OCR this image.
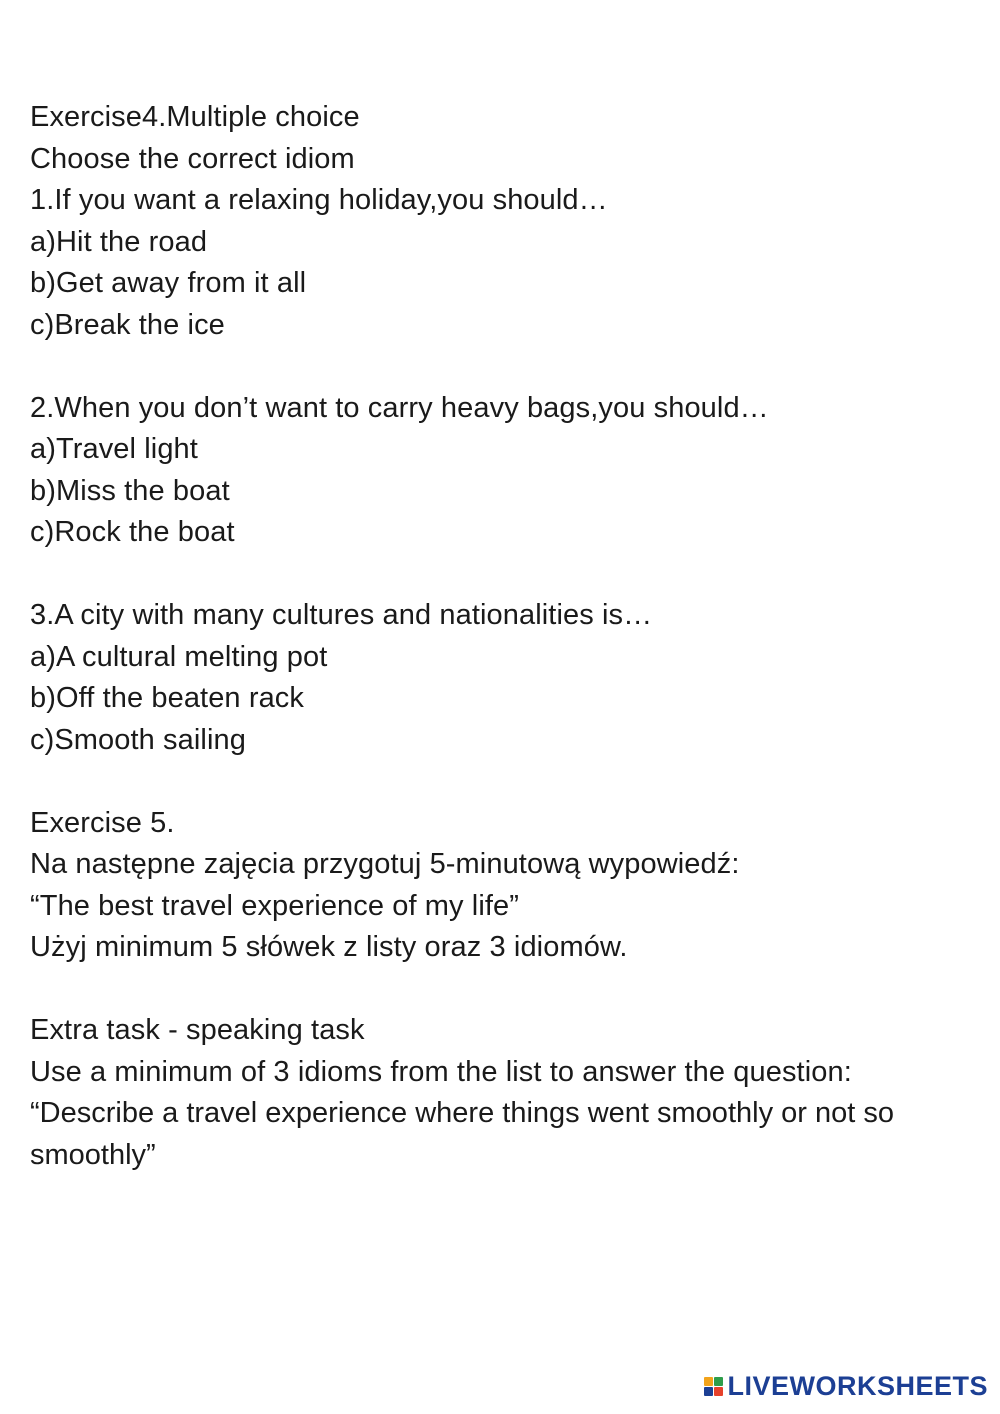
Exercise4.Multiple choice
Choose the correct idiom
1.If you want a relaxing holiday,you should…
a)Hit the road
b)Get away from it all
c)Break the ice
2.When you don’t want to carry heavy bags,you should…
a)Travel light
b)Miss the boat
c)Rock the boat
3.A city with many cultures and nationalities is…
a)A cultural melting pot
b)Off the beaten rack
c)Smooth sailing
Exercise 5.
Na następne zajęcia przygotuj 5-minutową wypowiedź:
“The best travel experience of my life”
Użyj minimum 5 słówek z listy oraz 3 idiomów.
Extra task - speaking task
Use a minimum of 3 idioms from the list to answer the question:
“Describe a travel experience where things went smoothly or not so smoothly”
LIVEWORKSHEETS
